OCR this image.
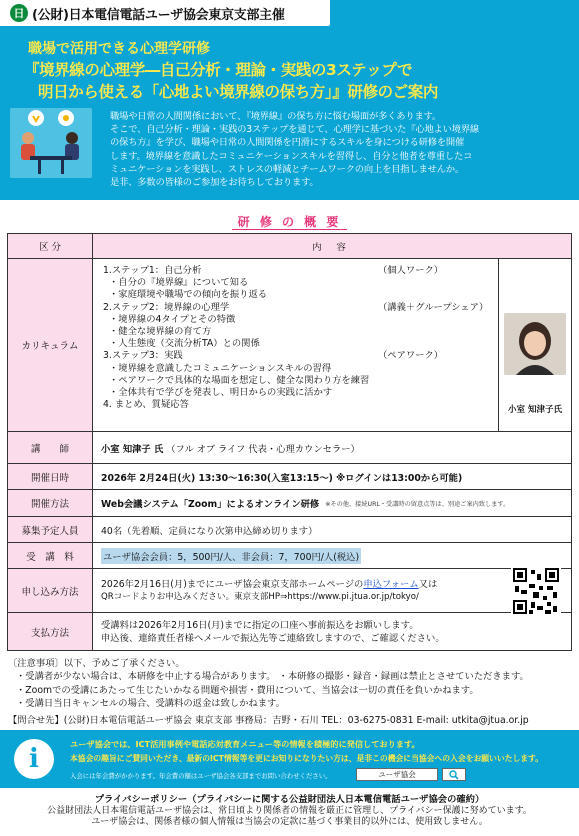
日 (公財)日本電信電話ユーザ協会東京支部主催
職場で活用できる心理学研修
『境界線の心理学―自己分析・理論・実践の3ステップで
明日から使える「心地よい境界線の保ち方」』研修のご案内
職場や日常の人間関係において、『境界線』の保ち方に悩む場面が多くあります。
そこで、自己分析・理論・実践の3ステップを通じて、心理学に基づいた『心地よい境界線
の保ち方』を学び、職場や日常の人間関係を円滑にするスキルを身につける研修を開催
します。境界線を意識したコミュニケーションスキルを習得し、自分と他者を尊重したコ
ミュニケーションを実践し、ストレスの軽減とチームワークの向上を目指しませんか。
是非、多数の皆様のご参加をお待ちしております。
研 修 の 概 要
区 分	内 容
カリキュラム
1.ステップ1：自己分析	（個人ワーク）
・自分の『境界線』について知る
・家庭環境や職場での傾向を振り返る
2.ステップ2：境界線の心理学	（講義＋グループシェア）
・境界線の4タイプとその特徴
・健全な境界線の育て方
・人生態度（交流分析TA）との関係
3.ステップ3：実践	（ペアワーク）
・境界線を意識したコミュニケーションスキルの習得
・ペアワークで具体的な場面を想定し、健全な関わり方を練習
・全体共有で学びを発表し、明日からの実践に活かす
4. まとめ、質疑応答	小室 知津子氏
講　　師	小室 知津子 氏
（フル オブ ライフ 代表・心理カウンセラー）
開催日時	2026年 2月24日(火) 13:30～16:30(入室13:15～) ※ログインは13:00から可能)
開催方法	Web会議システム「Zoom」によるオンライン研修 ※その他、接続URL・受講時の留意点等は、別途ご案内致します。
募集予定人員	40名（先着順、定員になり次第申込締め切ります）
受　講　料	ユーザ協会会員：5，500円/人、非会員：7，700円/人(税込)
申し込み方法
2026年2月16日(月)までにユーザ協会東京支部ホームページの申込フォーム又は
QRコードよりお申込みください。東京支部HP⇒https://www.pi.jtua.or.jp/tokyo/
支払方法
受講料は2026年2月16日(月)までに指定の口座へ事前振込をお願いします。
申込後、連絡責任者様へメールで振込先等ご連絡致しますので、ご確認ください。
〔注意事項〕以下、予めご了承ください。
・受講者が少ない場合は、本研修を中止する場合があります。 ・本研修の撮影・録音・録画は禁止とさせていただきます。
・Zoomでの受講にあたって生じたいかなる問題や損害・費用について、当協会は一切の責任を負いかねます。
・受講日当日キャンセルの場合、受講料の返金は致しかねます。
【問合せ先】(公財)日本電信電話ユーザ協会 東京支部 事務局：吉野・石川 TEL：03-6275-0831 E-mail: utkita@jtua.or.jp
i	ユーザ協会では、ICT活用事例や電話応対教育メニュー等の情報を積極的に発信しております。
本協会の趣旨にご賛同いただき、最新のICT情報等を更にお知りになりたい方は、是非この機会に当協会への入会をお願いいたします。
入会には年会費がかかります。年会費の額はユーザ協会各支部までお問い合わせください。	ユーザ協会
プライバシーポリシー（プライバシーに関する公益財団法人日本電信電話ユーザ協会の確約）
公益財団法人日本電信電話ユーザ協会は、常日頃より関係者の情報を厳正に管理し、プライバシー保護に努めています。
ユーザ協会は、関係者様の個人情報は当協会の定款に基づく事業目的以外には、使用致しません。
